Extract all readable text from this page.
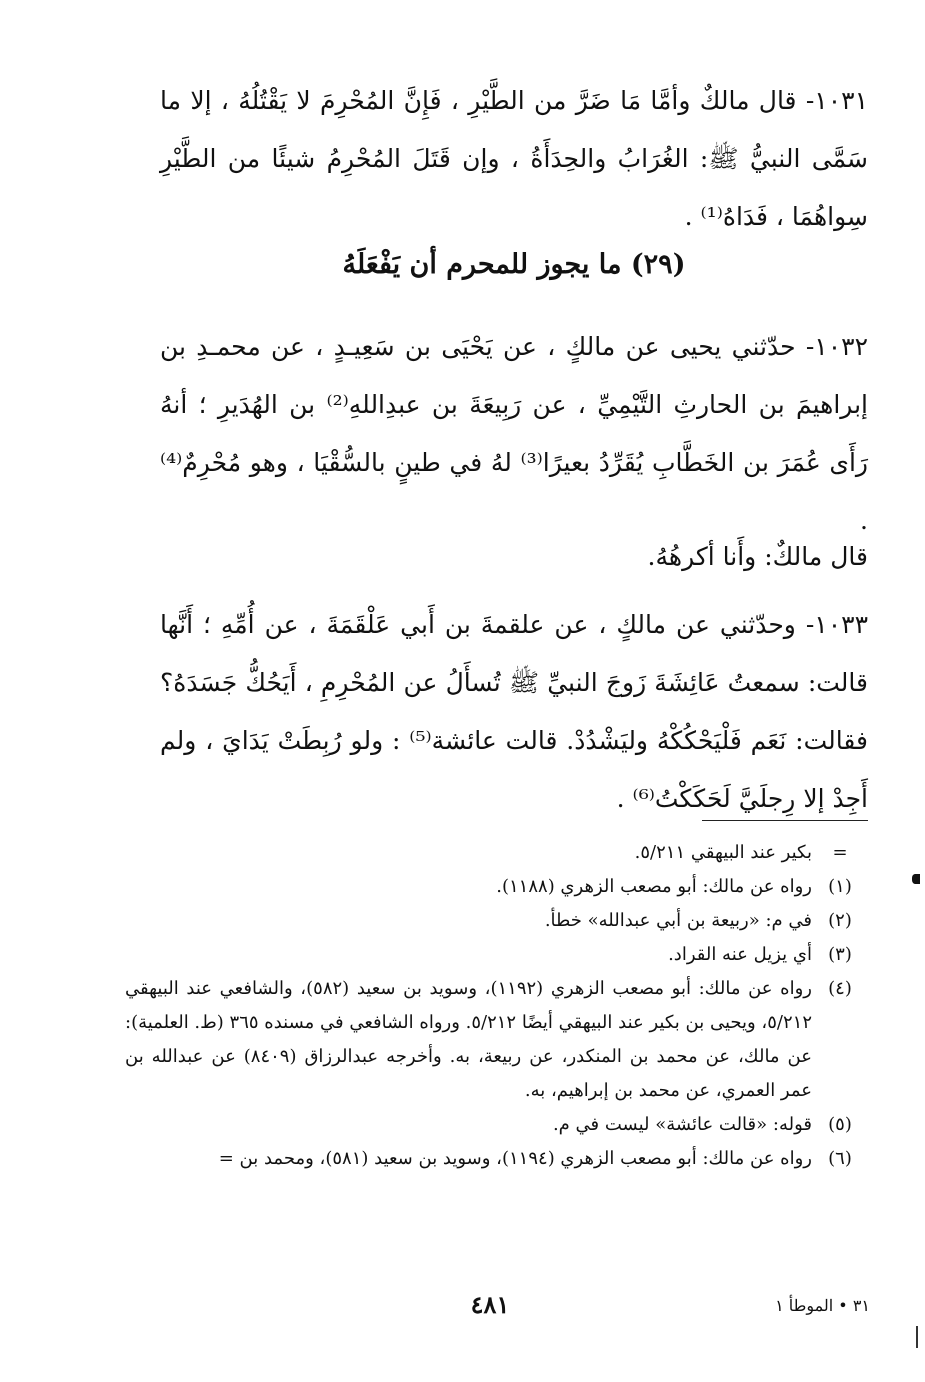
١٠٣١- قال مالكٌ وأمَّا مَا ضَرَّ من الطَّيْرِ ، فَإِنَّ المُحْرِمَ لا يَقْتُلُهُ ، إلا ما سَمَّى النبيُّ ﷺ: الغُرَابُ والحِدَأَةُ ، وإن قَتَلَ المُحْرِمُ شيئًا من الطَّيْرِ سِواهُمَا ، فَدَاهُ⁽¹⁾ .

(٢٩) ما يجوز للمحرم أن يَفْعَلَهُ

١٠٣٢- حدّثني يحيى عن مالكٍ ، عن يَحْيَى بن سَعِيـدٍ ، عن محمـدِ بن إبراهيمَ بن الحارثِ التَّيْمِيِّ ، عن رَبِيعَةَ بن عبدِاللهِ⁽²⁾ بن الهُدَيرِ ؛ أنهُ رَأَى عُمَرَ بن الخَطَّابِ يُقَرِّدُ بعيرًا⁽³⁾ لهُ في طينٍ بالسُّقْيَا ، وهو مُحْرِمٌ⁽⁴⁾ .

قال مالكٌ: وأَنا أكرهُهُ.

١٠٣٣- وحدّثني عن مالكٍ ، عن علقمةَ بن أَبي عَلْقَمَةَ ، عن أُمِّهِ ؛ أَنَّها قالت: سمعتُ عَائِشَةَ زَوجَ النبيِّ ﷺ تُسأَلُ عن المُحْرِمِ ، أَيَحُكُّ جَسَدَهُ؟ فقالت: نَعَم فَلْيَحْكُكْهُ وليَشْدُدْ. قالت عائشة⁽⁵⁾ : ولو رُبِطَتْ يَدَايَ ، ولم أَجِدْ إلا رِجلَيَّ لَحَكَكْتُ⁽⁶⁾ .

=
بكير عند البيهقي ٥/٢١١.
(١)
رواه عن مالك: أبو مصعب الزهري (١١٨٨).
(٢)
في م: «ربيعة بن أبي عبدالله» خطأ.
(٣)
أي يزيل عنه القراد.
(٤)
رواه عن مالك: أبو مصعب الزهري (١١٩٢)، وسويد بن سعيد (٥٨٢)، والشافعي عند البيهقي ٥/٢١٢، ويحيى بن بكير عند البيهقي أيضًا ٥/٢١٢. ورواه الشافعي في مسنده ٣٦٥ (ط. العلمية): عن مالك، عن محمد بن المنكدر، عن ربيعة، به. وأخرجه عبدالرزاق (٨٤٠٩) عن عبدالله بن عمر العمري، عن محمد بن إبراهيم، به.
(٥)
قوله: «قالت عائشة» ليست في م.
(٦)
رواه عن مالك: أبو مصعب الزهري (١١٩٤)، وسويد بن سعيد (٥٨١)، ومحمد بن =
٤٨١	٣١ • الموطأ ١
